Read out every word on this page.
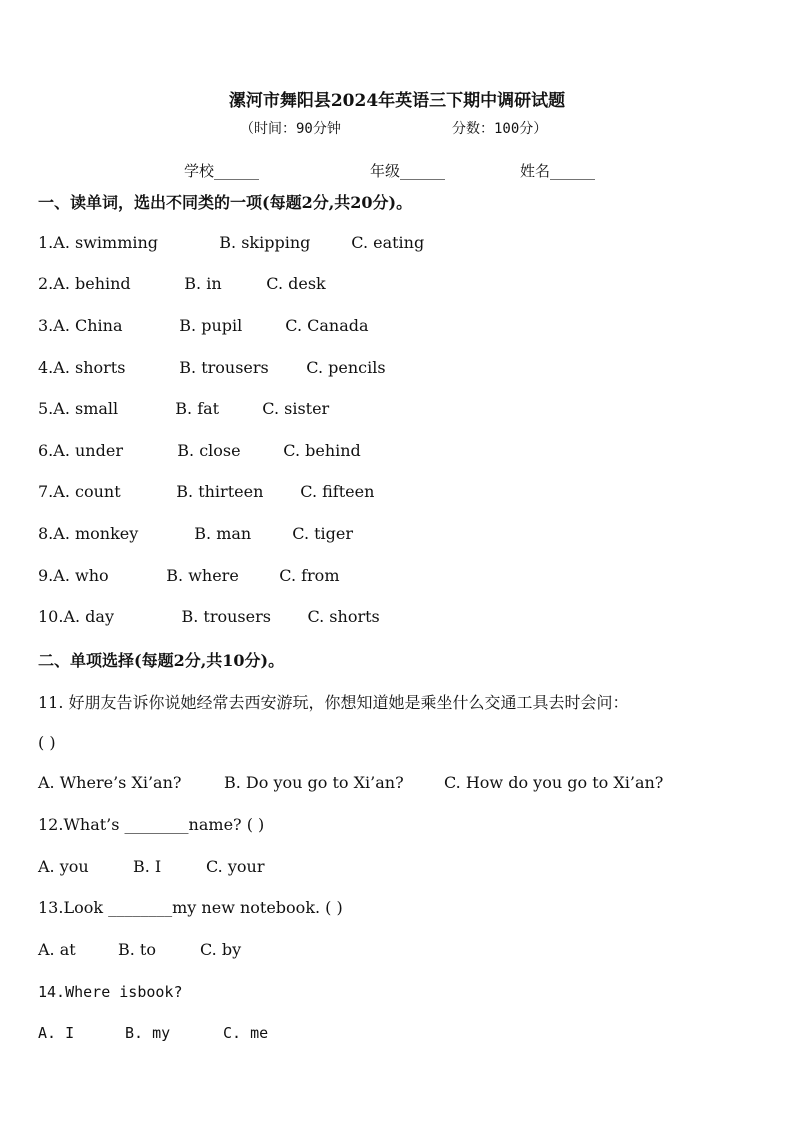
漯河市舞阳县2024年英语三下期中调研试题
（时间：90分钟	分数：100分）
学校______	年级______	姓名______
一、读单词，选出不同类的一项(每题2分,共20分)。
1.A. swimming	B. skipping	C. eating
2.A. behind	B. in	C. desk
3.A. China	B. pupil	C. Canada
4.A. shorts	B. trousers C. pencils
5.A. small	B. fat	C. sister
6.A. under	B. close	C. behind
7.A. count	B. thirteen C. fifteen
8.A. monkey	B. man	C. tiger
9.A. who	B. where	C. from
10.A. day	B. trousers C. shorts
二、单项选择(每题2分,共10分)。
11. 好朋友告诉你说她经常去西安游玩，你想知道她是乘坐什么交通工具去时会问：
( )
A. Where’s Xi’an?	B. Do you go to Xi’an?	C. How do you go to Xi’an?
12.What’s ________name? ( )
A. you	B. I	C. your
13.Look ________my new notebook. ( )
A. at	B. to	C. by
14.Where isbook?
A. I	B. my	C. me
